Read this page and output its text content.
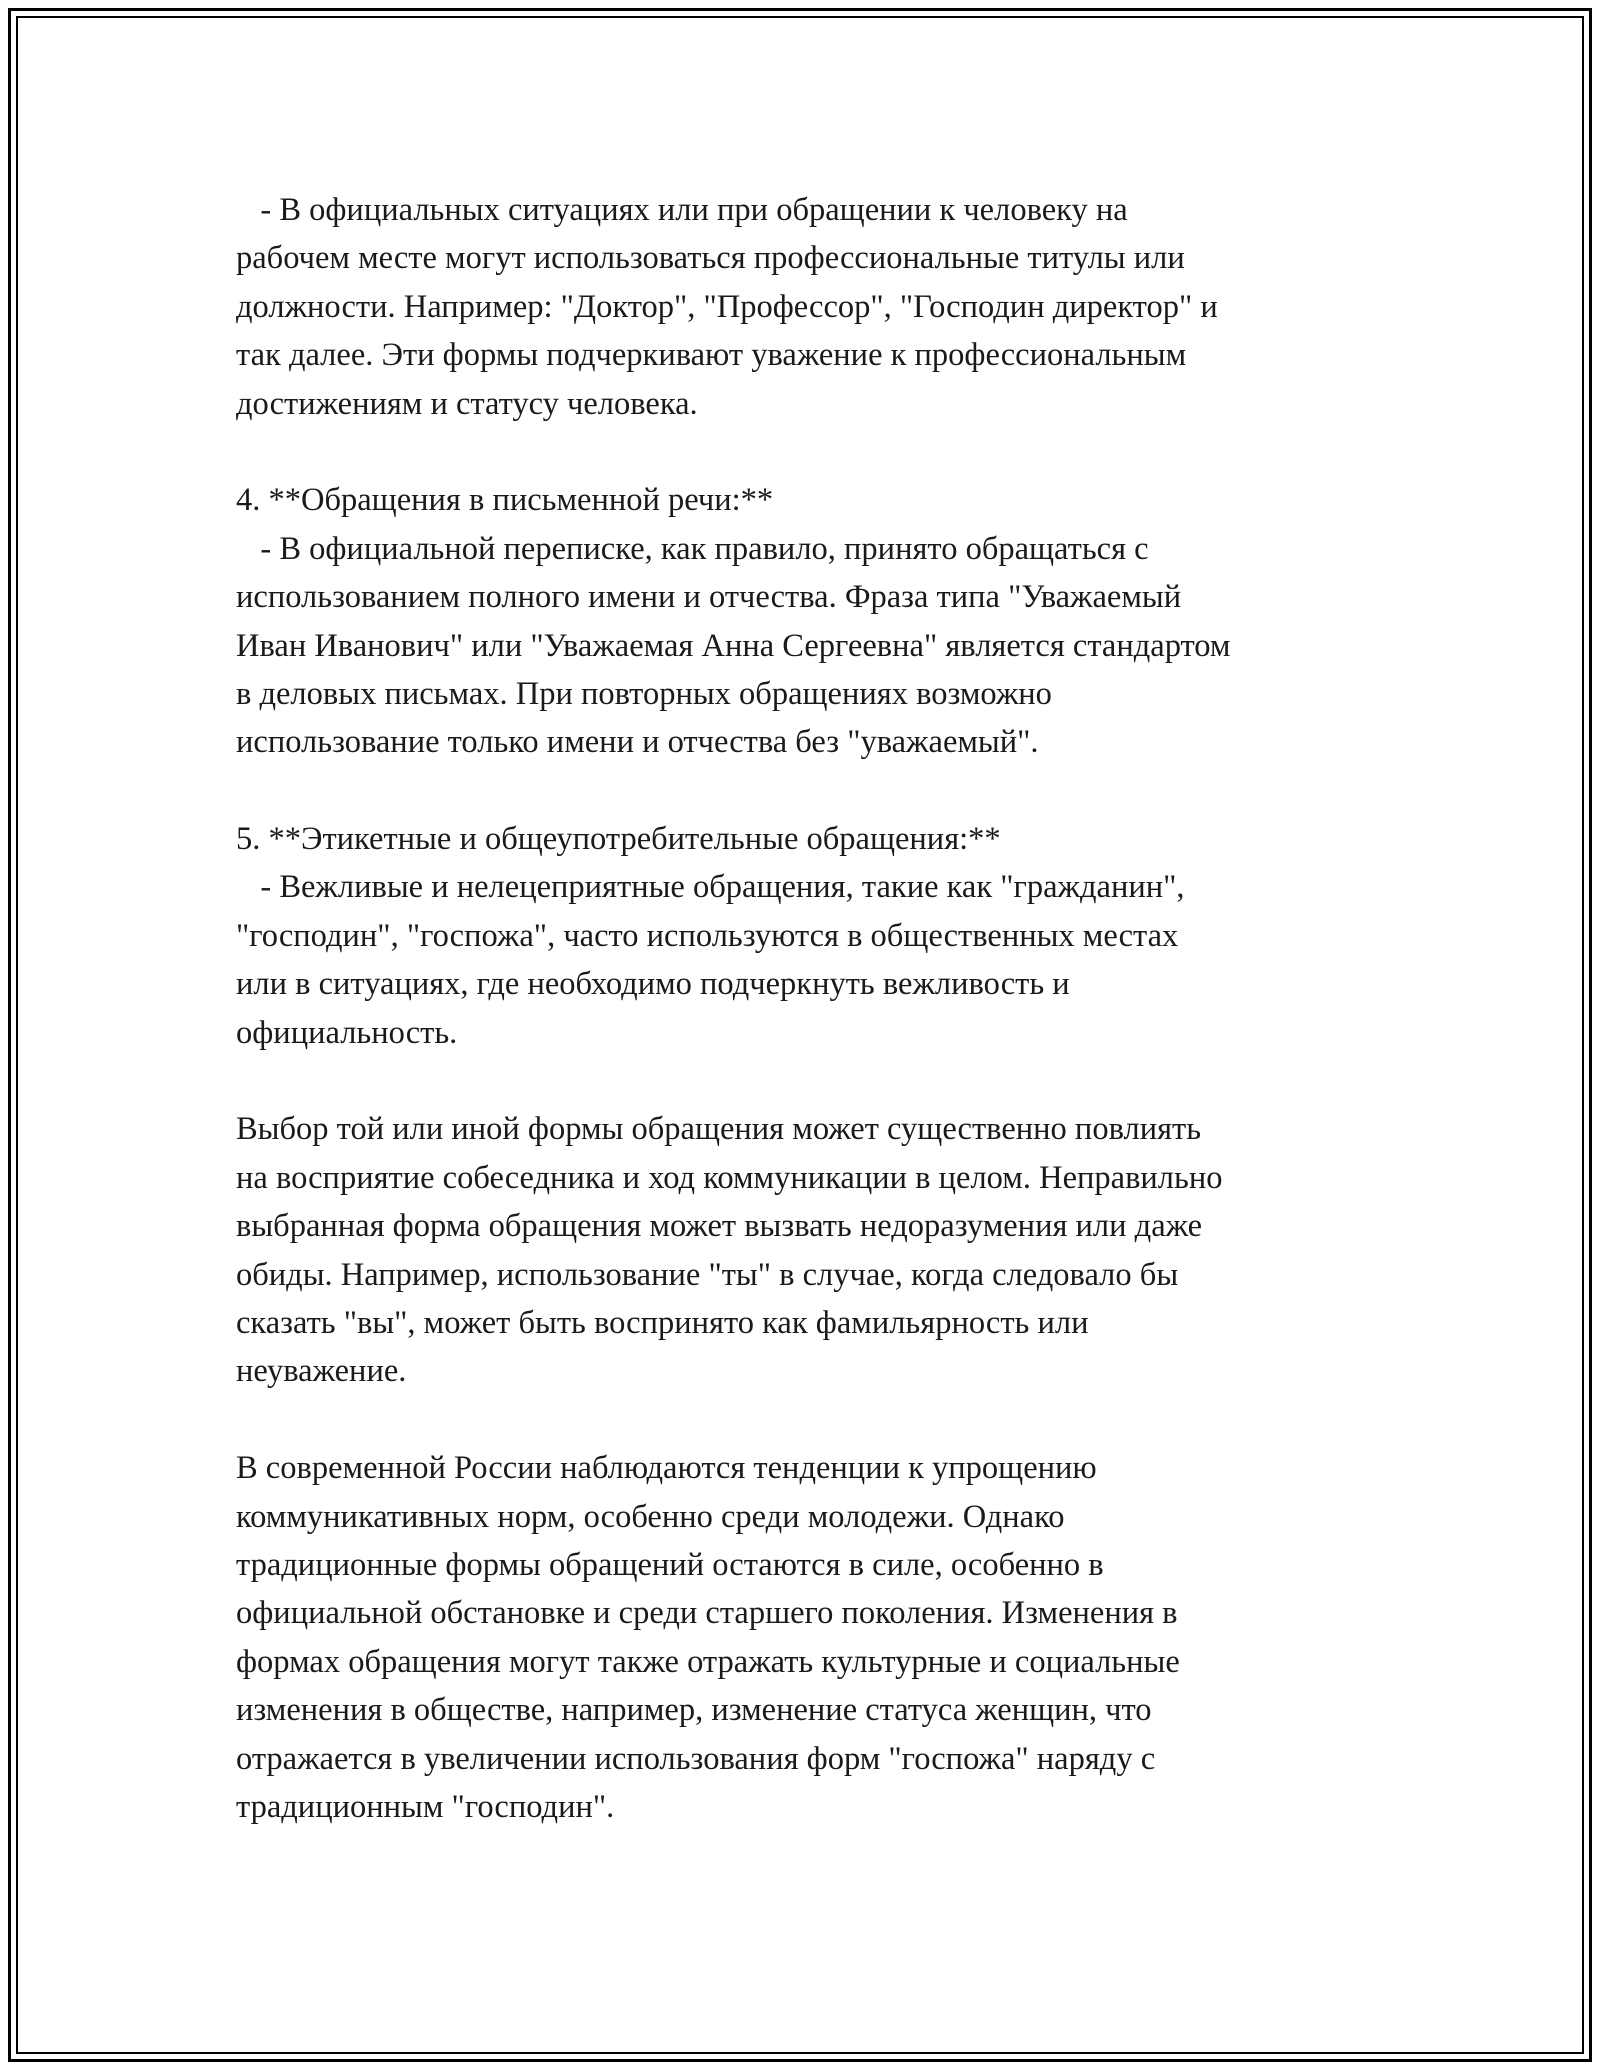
- В официальных ситуациях или при обращении к человеку на
рабочем месте могут использоваться профессиональные титулы или
должности. Например: "Доктор", "Профессор", "Господин директор" и
так далее. Эти формы подчеркивают уважение к профессиональным
достижениям и статусу человека.
4. **Обращения в письменной речи:**
- В официальной переписке, как правило, принято обращаться с
использованием полного имени и отчества. Фраза типа "Уважаемый
Иван Иванович" или "Уважаемая Анна Сергеевна" является стандартом
в деловых письмах. При повторных обращениях возможно
использование только имени и отчества без "уважаемый".
5. **Этикетные и общеупотребительные обращения:**
- Вежливые и нелецеприятные обращения, такие как "гражданин",
"господин", "госпожа", часто используются в общественных местах
или в ситуациях, где необходимо подчеркнуть вежливость и
официальность.
Выбор той или иной формы обращения может существенно повлиять
на восприятие собеседника и ход коммуникации в целом. Неправильно
выбранная форма обращения может вызвать недоразумения или даже
обиды. Например, использование "ты" в случае, когда следовало бы
сказать "вы", может быть воспринято как фамильярность или
неуважение.
В современной России наблюдаются тенденции к упрощению
коммуникативных норм, особенно среди молодежи. Однако
традиционные формы обращений остаются в силе, особенно в
официальной обстановке и среди старшего поколения. Изменения в
формах обращения могут также отражать культурные и социальные
изменения в обществе, например, изменение статуса женщин, что
отражается в увеличении использования форм "госпожа" наряду с
традиционным "господин".
